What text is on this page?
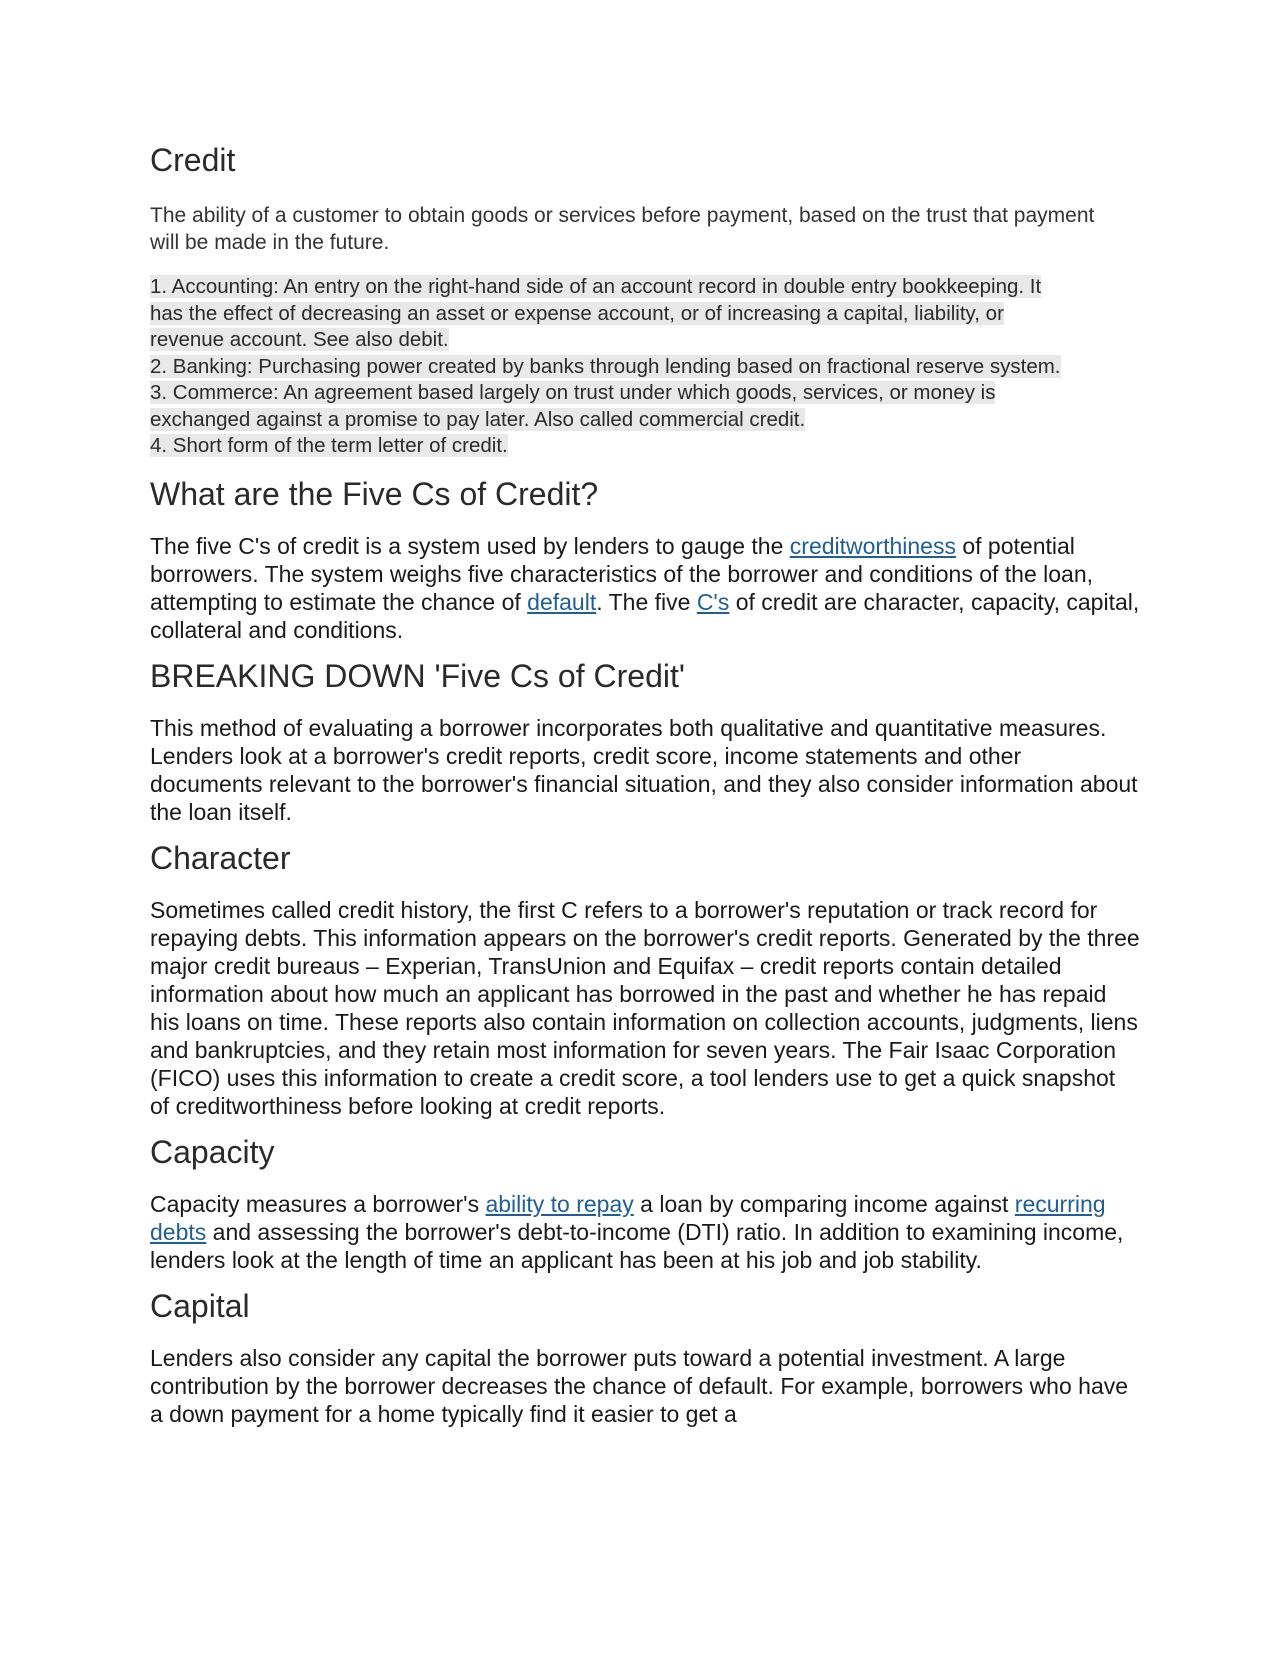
Credit

The ability of a customer to obtain goods or services before payment, based on the trust that payment will be made in the future.

1. Accounting: An entry on the right-hand side of an account record in double entry bookkeeping. It
has the effect of decreasing an asset or expense account, or of increasing a capital, liability, or
revenue account. See also debit.
2. Banking: Purchasing power created by banks through lending based on fractional reserve system.
3. Commerce: An agreement based largely on trust under which goods, services, or money is
exchanged against a promise to pay later. Also called commercial credit.
4. Short form of the term letter of credit.
What are the Five Cs of Credit?

The five C's of credit is a system used by lenders to gauge the creditworthiness of potential borrowers. The system weighs five characteristics of the borrower and conditions of the loan, attempting to estimate the chance of default. The five C's of credit are character, capacity, capital, collateral and conditions.

BREAKING DOWN 'Five Cs of Credit'

This method of evaluating a borrower incorporates both qualitative and quantitative measures. Lenders look at a borrower's credit reports, credit score, income statements and other documents relevant to the borrower's financial situation, and they also consider information about the loan itself.

Character

Sometimes called credit history, the first C refers to a borrower's reputation or track record for repaying debts. This information appears on the borrower's credit reports. Generated by the three major credit bureaus – Experian, TransUnion and Equifax – credit reports contain detailed information about how much an applicant has borrowed in the past and whether he has repaid his loans on time. These reports also contain information on collection accounts, judgments, liens and bankruptcies, and they retain most information for seven years. The Fair Isaac Corporation (FICO) uses this information to create a credit score, a tool lenders use to get a quick snapshot of creditworthiness before looking at credit reports.

Capacity

Capacity measures a borrower's ability to repay a loan by comparing income against recurring debts and assessing the borrower's debt-to-income (DTI) ratio. In addition to examining income, lenders look at the length of time an applicant has been at his job and job stability.

Capital

Lenders also consider any capital the borrower puts toward a potential investment. A large contribution by the borrower decreases the chance of default. For example, borrowers who have a down payment for a home typically find it easier to get a
